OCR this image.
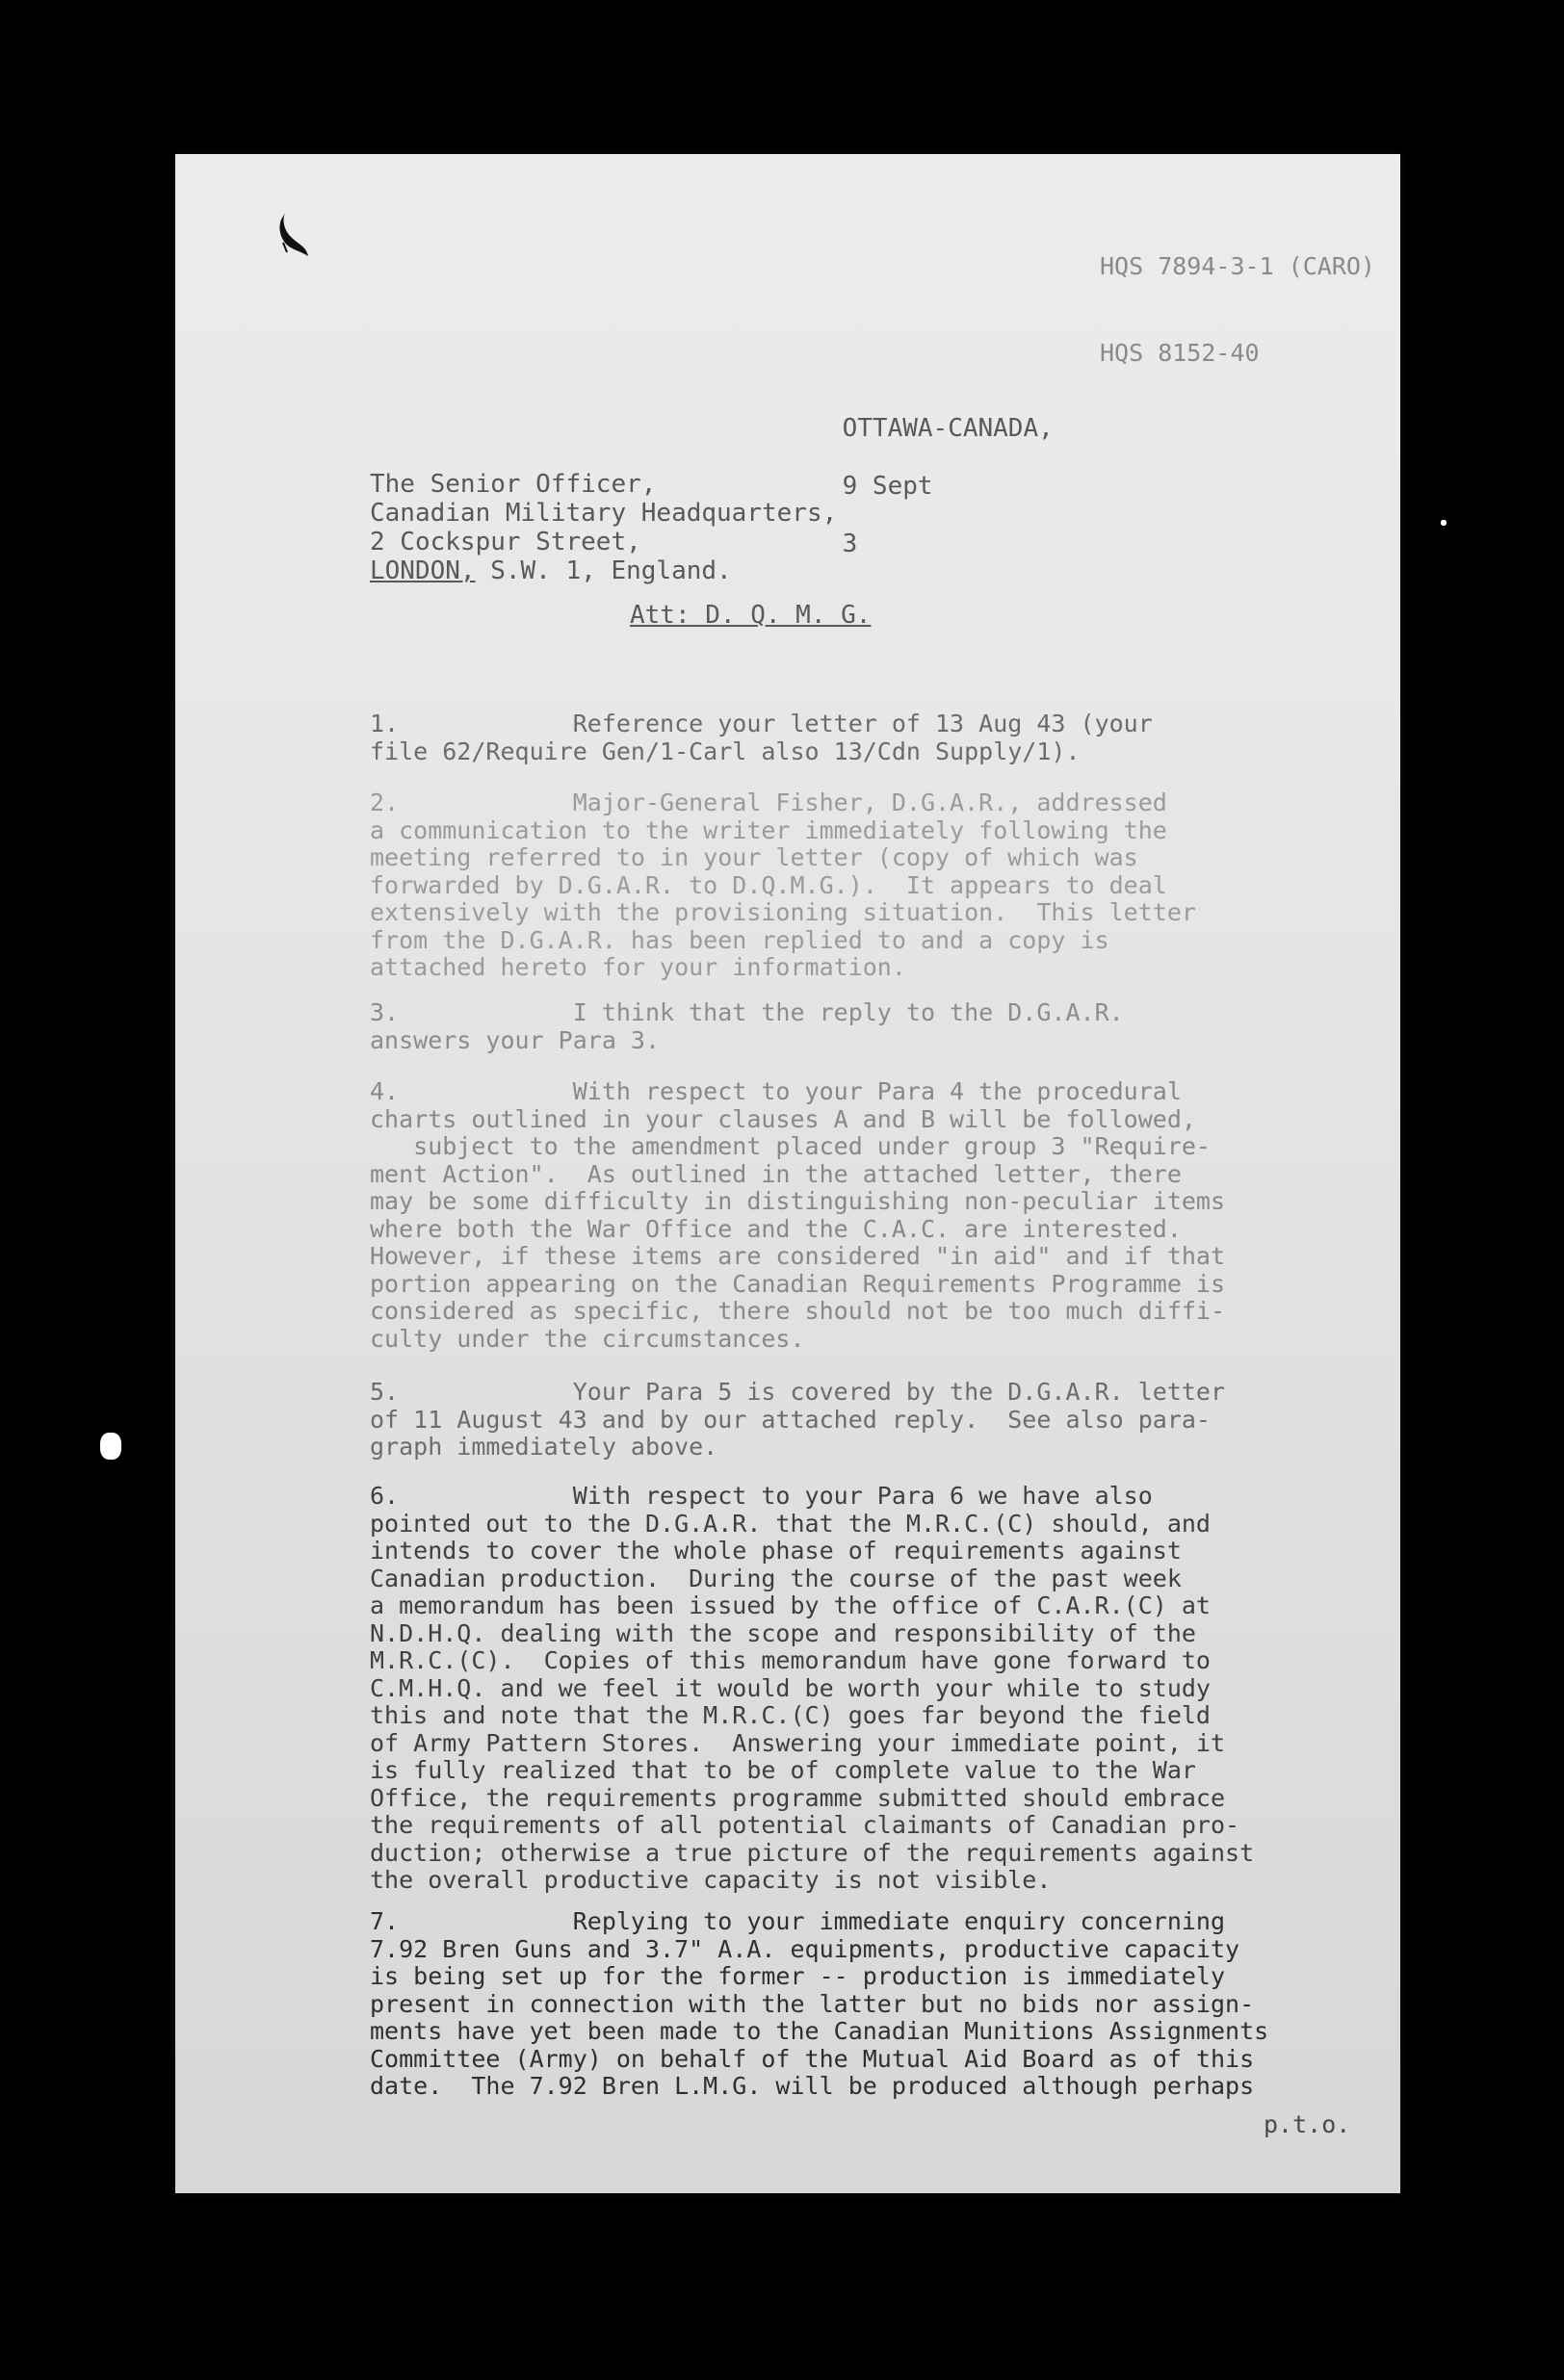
HQS 7894-3-1 (CARO)

HQS 8152-40

OTTAWA-CANADA,

9 Sept

3

The Senior Officer,
Canadian Military Headquarters,
2 Cockspur Street,
LONDON, S.W. 1, England.
Att: D. Q. M. G.

1.            Reference your letter of 13 Aug 43 (your
file 62/Require Gen/1-Carl also 13/Cdn Supply/1).

2.            Major-General Fisher, D.G.A.R., addressed
a communication to the writer immediately following the
meeting referred to in your letter (copy of which was
forwarded by D.G.A.R. to D.Q.M.G.).  It appears to deal
extensively with the provisioning situation.  This letter
from the D.G.A.R. has been replied to and a copy is
attached hereto for your information.

3.            I think that the reply to the D.G.A.R.
answers your Para 3.

4.            With respect to your Para 4 the procedural
charts outlined in your clauses A and B will be followed,
subject to the amendment placed under group 3 "Require-
ment Action".  As outlined in the attached letter, there
may be some difficulty in distinguishing non-peculiar items
where both the War Office and the C.A.C. are interested.
However, if these items are considered "in aid" and if that
portion appearing on the Canadian Requirements Programme is
considered as specific, there should not be too much diffi-
culty under the circumstances.

5.            Your Para 5 is covered by the D.G.A.R. letter
of 11 August 43 and by our attached reply.  See also para-
graph immediately above.

6.            With respect to your Para 6 we have also
pointed out to the D.G.A.R. that the M.R.C.(C) should, and
intends to cover the whole phase of requirements against
Canadian production.  During the course of the past week
a memorandum has been issued by the office of C.A.R.(C) at
N.D.H.Q. dealing with the scope and responsibility of the
M.R.C.(C).  Copies of this memorandum have gone forward to
C.M.H.Q. and we feel it would be worth your while to study
this and note that the M.R.C.(C) goes far beyond the field
of Army Pattern Stores.  Answering your immediate point, it
is fully realized that to be of complete value to the War
Office, the requirements programme submitted should embrace
the requirements of all potential claimants of Canadian pro-
duction; otherwise a true picture of the requirements against
the overall productive capacity is not visible.

7.            Replying to your immediate enquiry concerning
7.92 Bren Guns and 3.7" A.A. equipments, productive capacity
is being set up for the former -- production is immediately
present in connection with the latter but no bids nor assign-
ments have yet been made to the Canadian Munitions Assignments
Committee (Army) on behalf of the Mutual Aid Board as of this
date.  The 7.92 Bren L.M.G. will be produced although perhaps

p.t.o.
